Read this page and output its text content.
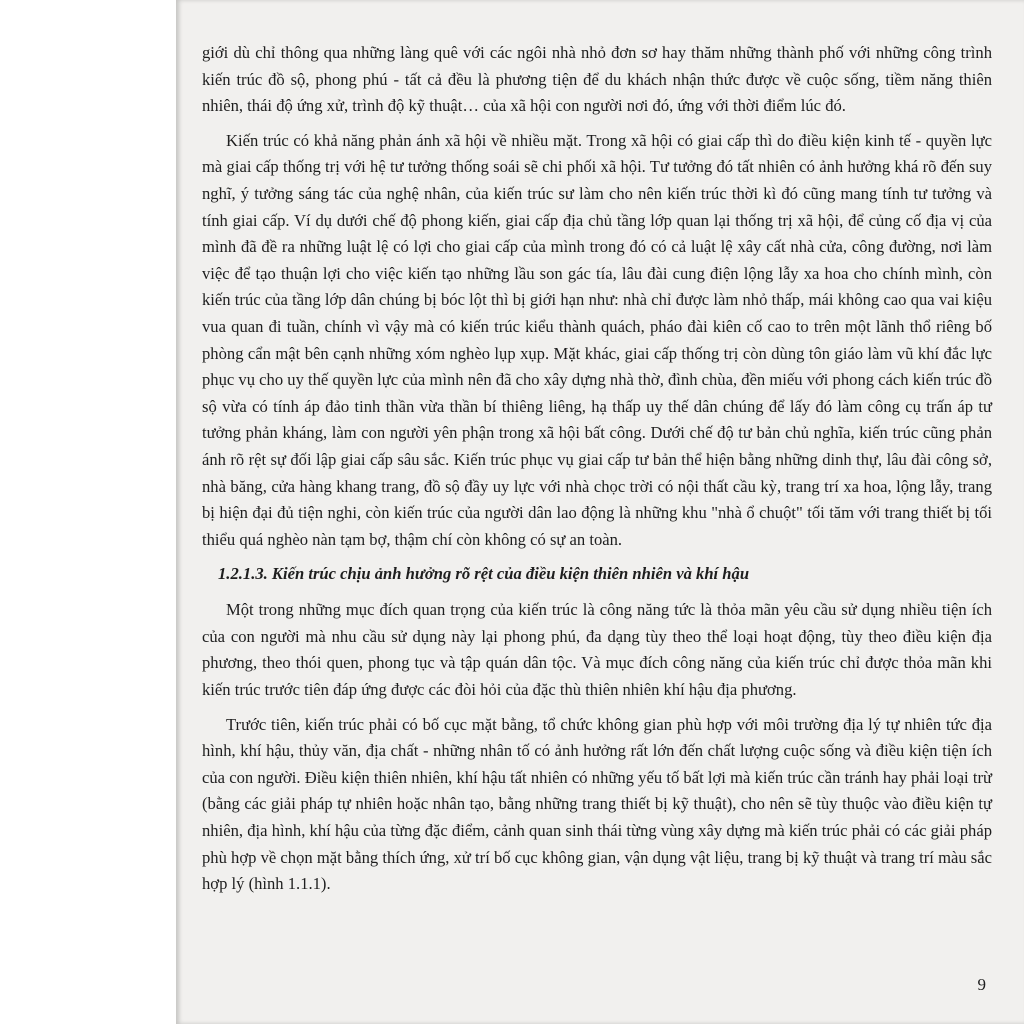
giới dù chỉ thông qua những làng quê với các ngôi nhà nhỏ đơn sơ hay thăm những thành phố với những công trình kiến trúc đồ sộ, phong phú - tất cả đều là phương tiện để du khách nhận thức được về cuộc sống, tiềm năng thiên nhiên, thái độ ứng xử, trình độ kỹ thuật… của xã hội con người nơi đó, ứng với thời điểm lúc đó.

Kiến trúc có khả năng phản ánh xã hội về nhiều mặt. Trong xã hội có giai cấp thì do điều kiện kinh tế - quyền lực mà giai cấp thống trị với hệ tư tưởng thống soái sẽ chi phối xã hội. Tư tưởng đó tất nhiên có ảnh hưởng khá rõ đến suy nghĩ, ý tưởng sáng tác của nghệ nhân, của kiến trúc sư làm cho nên kiến trúc thời kì đó cũng mang tính tư tưởng và tính giai cấp. Ví dụ dưới chế độ phong kiến, giai cấp địa chủ tầng lớp quan lại thống trị xã hội, để củng cố địa vị của mình đã đề ra những luật lệ có lợi cho giai cấp của mình trong đó có cả luật lệ xây cất nhà cửa, công đường, nơi làm việc để tạo thuận lợi cho việc kiến tạo những lầu son gác tía, lâu đài cung điện lộng lẫy xa hoa cho chính mình, còn kiến trúc của tầng lớp dân chúng bị bóc lột thì bị giới hạn như: nhà chỉ được làm nhỏ thấp, mái không cao qua vai kiệu vua quan đi tuần, chính vì vậy mà có kiến trúc kiểu thành quách, pháo đài kiên cố cao to trên một lãnh thổ riêng bố phòng cẩn mật bên cạnh những xóm nghèo lụp xụp. Mặt khác, giai cấp thống trị còn dùng tôn giáo làm vũ khí đắc lực phục vụ cho uy thế quyền lực của mình nên đã cho xây dựng nhà thờ, đình chùa, đền miếu với phong cách kiến trúc đồ sộ vừa có tính áp đảo tinh thần vừa thần bí thiêng liêng, hạ thấp uy thế dân chúng để lấy đó làm công cụ trấn áp tư tưởng phản kháng, làm con người yên phận trong xã hội bất công. Dưới chế độ tư bản chủ nghĩa, kiến trúc cũng phản ánh rõ rệt sự đối lập giai cấp sâu sắc. Kiến trúc phục vụ giai cấp tư bản thể hiện bằng những dinh thự, lâu đài công sở, nhà băng, cửa hàng khang trang, đồ sộ đầy uy lực với nhà chọc trời có nội thất cầu kỳ, trang trí xa hoa, lộng lẫy, trang bị hiện đại đủ tiện nghi, còn kiến trúc của người dân lao động là những khu "nhà ổ chuột" tối tăm với trang thiết bị tối thiểu quá nghèo nàn tạm bợ, thậm chí còn không có sự an toàn.

1.2.1.3. Kiến trúc chịu ảnh hưởng rõ rệt của điều kiện thiên nhiên và khí hậu

Một trong những mục đích quan trọng của kiến trúc là công năng tức là thỏa mãn yêu cầu sử dụng nhiều tiện ích của con người mà nhu cầu sử dụng này lại phong phú, đa dạng tùy theo thể loại hoạt động, tùy theo điều kiện địa phương, theo thói quen, phong tục và tập quán dân tộc. Và mục đích công năng của kiến trúc chỉ được thỏa mãn khi kiến trúc trước tiên đáp ứng được các đòi hỏi của đặc thù thiên nhiên khí hậu địa phương.

Trước tiên, kiến trúc phải có bố cục mặt bằng, tổ chức không gian phù hợp với môi trường địa lý tự nhiên tức địa hình, khí hậu, thủy văn, địa chất - những nhân tố có ảnh hưởng rất lớn đến chất lượng cuộc sống và điều kiện tiện ích của con người. Điều kiện thiên nhiên, khí hậu tất nhiên có những yếu tố bất lợi mà kiến trúc cần tránh hay phải loại trừ (bằng các giải pháp tự nhiên hoặc nhân tạo, bằng những trang thiết bị kỹ thuật), cho nên sẽ tùy thuộc vào điều kiện tự nhiên, địa hình, khí hậu của từng đặc điểm, cảnh quan sinh thái từng vùng xây dựng mà kiến trúc phải có các giải pháp phù hợp về chọn mặt bằng thích ứng, xử trí bố cục không gian, vận dụng vật liệu, trang bị kỹ thuật và trang trí màu sắc hợp lý (hình 1.1.1).

9
